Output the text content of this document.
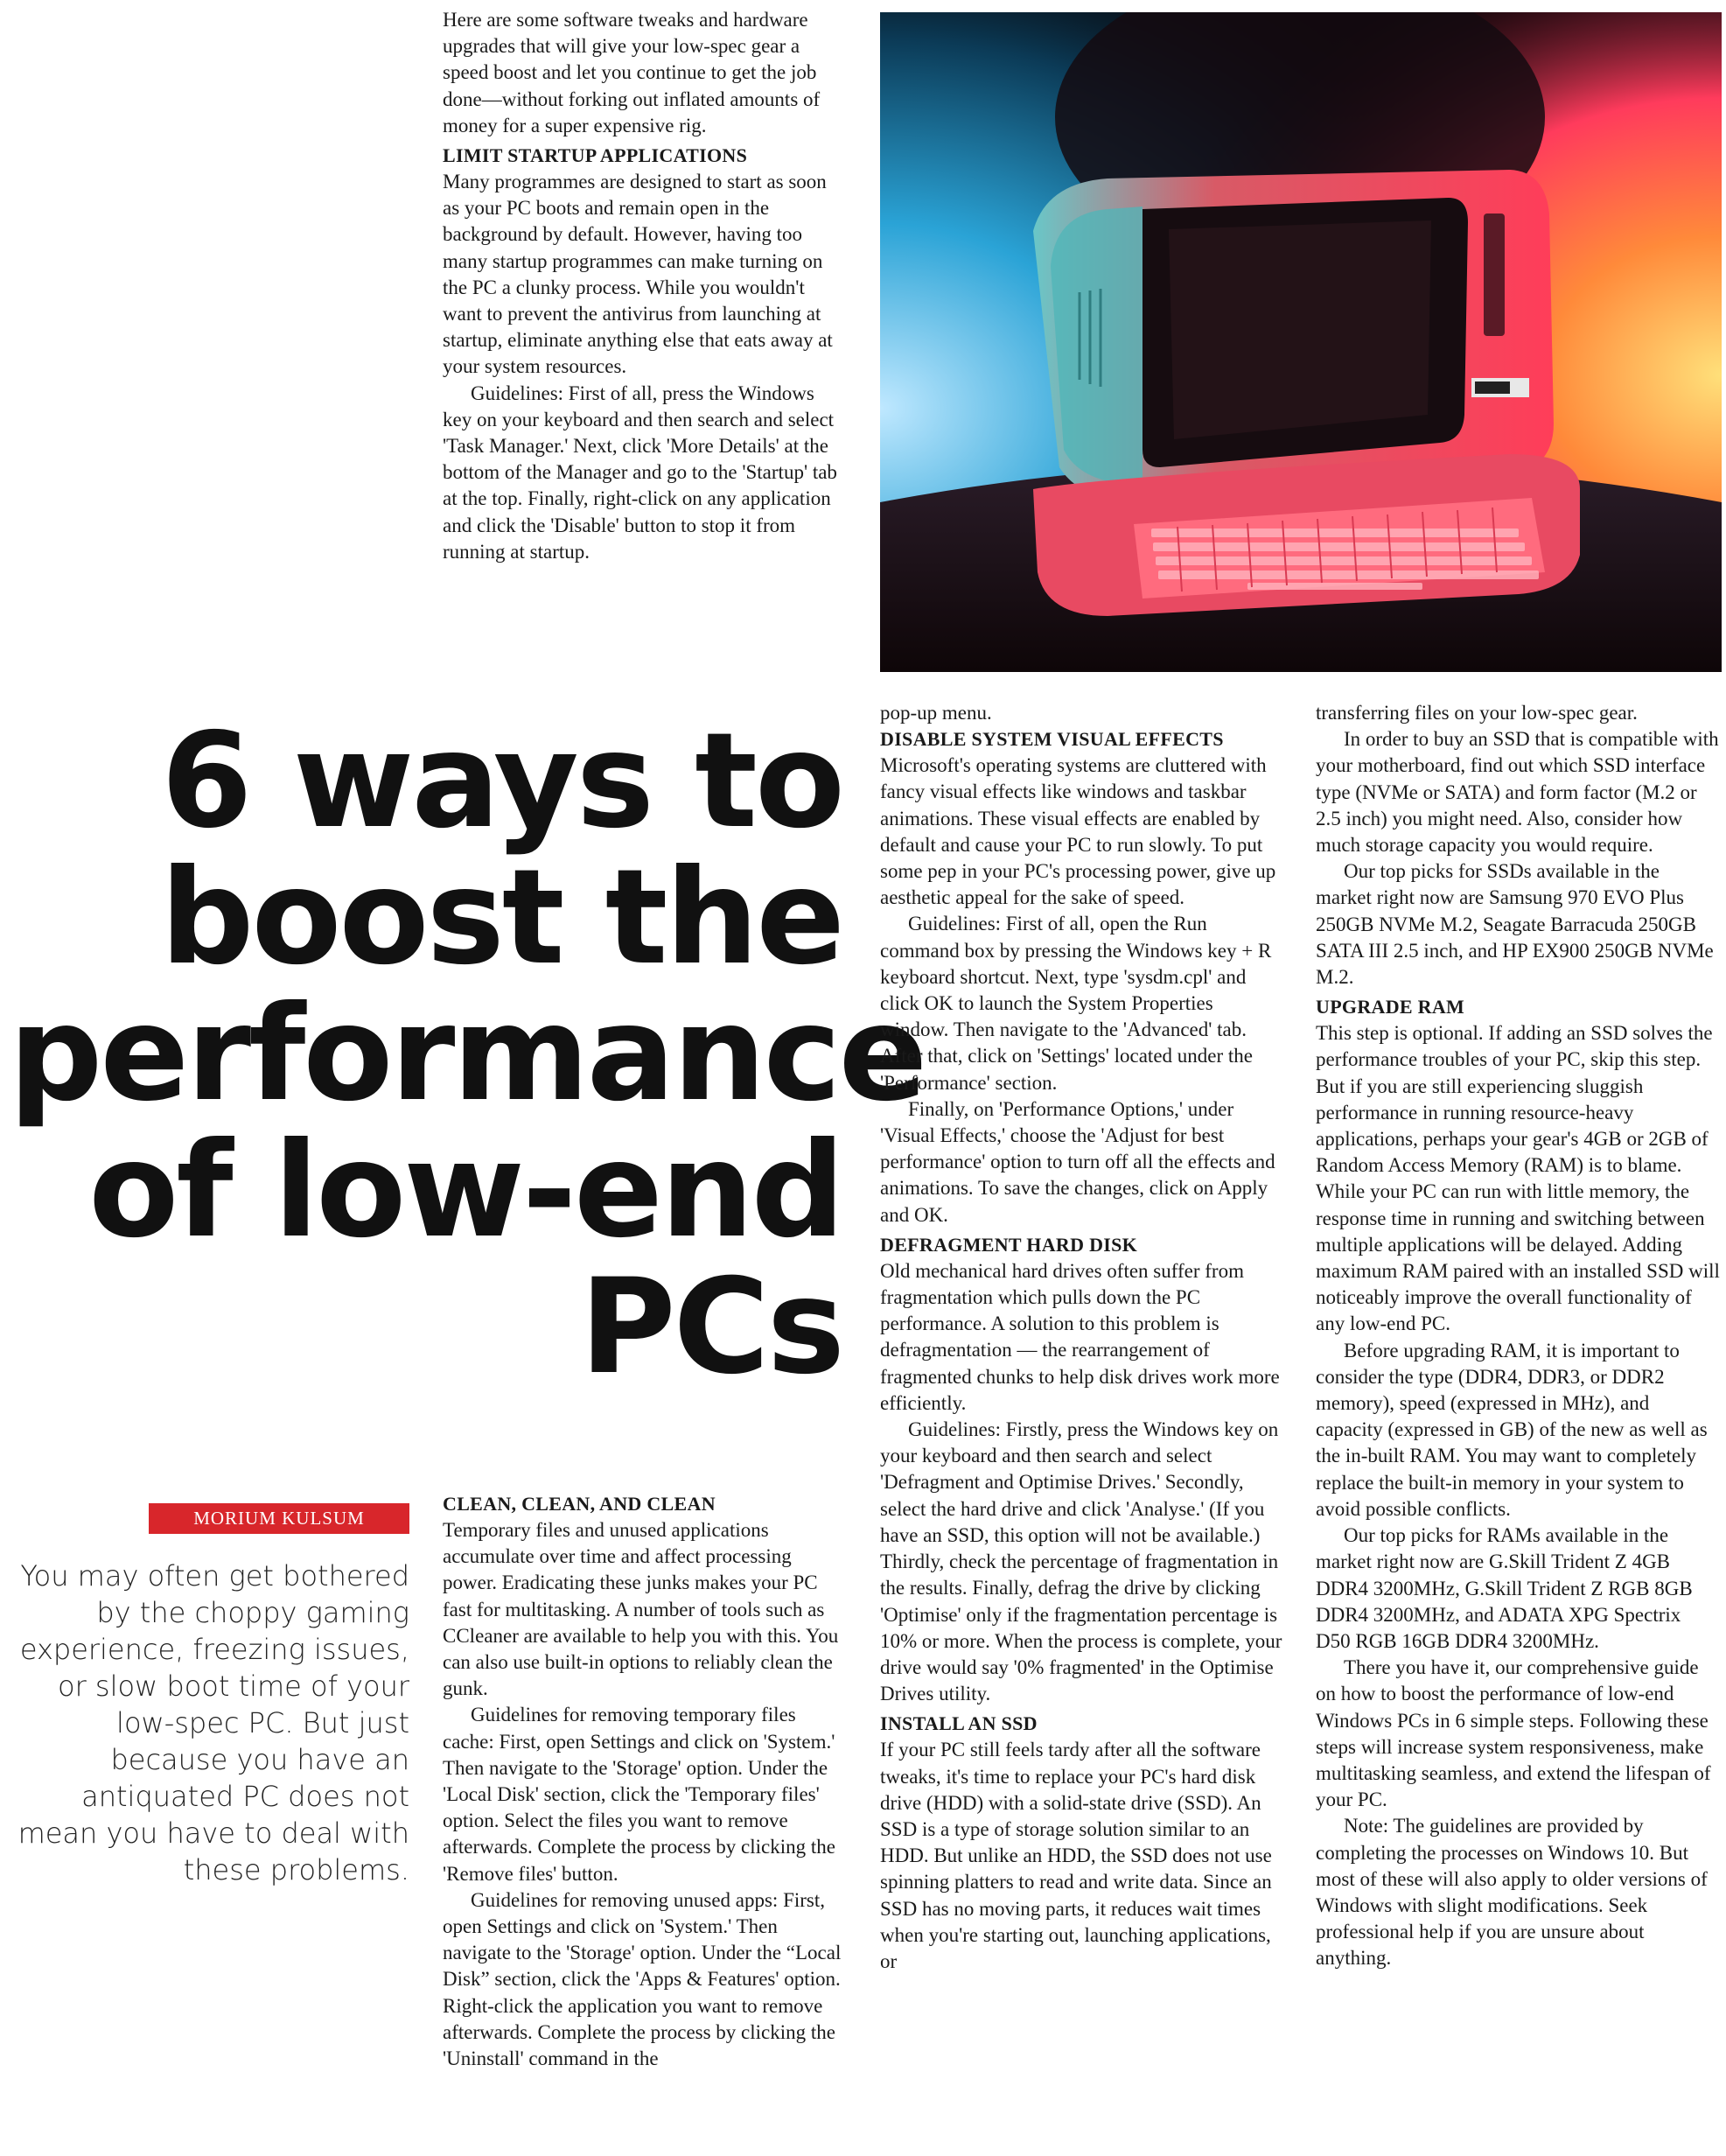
Here are some software tweaks and hardware upgrades that will give your low-spec gear a speed boost and let you continue to get the job done—without forking out inflated amounts of money for a super expensive rig.

LIMIT STARTUP APPLICATIONS

Many programmes are designed to start as soon as your PC boots and remain open in the background by default. However, having too many startup programmes can make turning on the PC a clunky process. While you wouldn't want to prevent the antivirus from launching at startup, eliminate anything else that eats away at your system resources.

Guidelines: First of all, press the Windows key on your keyboard and then search and select 'Task Manager.' Next, click 'More Details' at the bottom of the Manager and go to the 'Startup' tab at the top. Finally, right-click on any application and click the 'Disable' button to stop it from running at startup.

6 ways to boost the performance of low-end PCs
MORIUM KULSUM
You may often get bothered by the choppy gaming experience, freezing issues, or slow boot time of your low-spec PC. But just because you have an antiquated PC does not mean you have to deal with these problems.
CLEAN, CLEAN, AND CLEAN

Temporary files and unused applications accumulate over time and affect processing power. Eradicating these junks makes your PC fast for multitasking. A number of tools such as CCleaner are available to help you with this. You can also use built-in options to reliably clean the gunk.

Guidelines for removing temporary files cache: First, open Settings and click on 'System.' Then navigate to the 'Storage' option. Under the 'Local Disk' section, click the 'Temporary files' option. Select the files you want to remove afterwards. Complete the process by clicking the 'Remove files' button.

Guidelines for removing unused apps: First, open Settings and click on 'System.' Then navigate to the 'Storage' option. Under the “Local Disk” section, click the 'Apps & Features' option. Right-click the application you want to remove afterwards. Complete the process by clicking the 'Uninstall' command in the

pop-up menu.

DISABLE SYSTEM VISUAL EFFECTS

Microsoft's operating systems are cluttered with fancy visual effects like windows and taskbar animations. These visual effects are enabled by default and cause your PC to run slowly. To put some pep in your PC's processing power, give up aesthetic appeal for the sake of speed.

Guidelines: First of all, open the Run command box by pressing the Windows key + R keyboard shortcut. Next, type 'sysdm.cpl' and click OK to launch the System Properties window. Then navigate to the 'Advanced' tab. After that, click on 'Settings' located under the 'Performance' section.

Finally, on 'Performance Options,' under 'Visual Effects,' choose the 'Adjust for best performance' option to turn off all the effects and animations. To save the changes, click on Apply and OK.

DEFRAGMENT HARD DISK

Old mechanical hard drives often suffer from fragmentation which pulls down the PC performance. A solution to this problem is defragmentation — the rearrangement of fragmented chunks to help disk drives work more efficiently.

Guidelines: Firstly, press the Windows key on your keyboard and then search and select 'Defragment and Optimise Drives.' Secondly, select the hard drive and click 'Analyse.' (If you have an SSD, this option will not be available.) Thirdly, check the percentage of fragmentation in the results. Finally, defrag the drive by clicking 'Optimise' only if the fragmentation percentage is 10% or more. When the process is complete, your drive would say '0% fragmented' in the Optimise Drives utility.

INSTALL AN SSD

If your PC still feels tardy after all the software tweaks, it's time to replace your PC's hard disk drive (HDD) with a solid-state drive (SSD). An SSD is a type of storage solution similar to an HDD. But unlike an HDD, the SSD does not use spinning platters to read and write data. Since an SSD has no moving parts, it reduces wait times when you're starting out, launching applications, or

transferring files on your low-spec gear.

In order to buy an SSD that is compatible with your motherboard, find out which SSD interface type (NVMe or SATA) and form factor (M.2 or 2.5 inch) you might need. Also, consider how much storage capacity you would require.

Our top picks for SSDs available in the market right now are Samsung 970 EVO Plus 250GB NVMe M.2, Seagate Barracuda 250GB SATA III 2.5 inch, and HP EX900 250GB NVMe M.2.

UPGRADE RAM

This step is optional. If adding an SSD solves the performance troubles of your PC, skip this step. But if you are still experiencing sluggish performance in running resource-heavy applications, perhaps your gear's 4GB or 2GB of Random Access Memory (RAM) is to blame. While your PC can run with little memory, the response time in running and switching between multiple applications will be delayed. Adding maximum RAM paired with an installed SSD will noticeably improve the overall functionality of any low-end PC.

Before upgrading RAM, it is important to consider the type (DDR4, DDR3, or DDR2 memory), speed (expressed in MHz), and capacity (expressed in GB) of the new as well as the in-built RAM. You may want to completely replace the built-in memory in your system to avoid possible conflicts.

Our top picks for RAMs available in the market right now are G.Skill Trident Z 4GB DDR4 3200MHz, G.Skill Trident Z RGB 8GB DDR4 3200MHz, and ADATA XPG Spectrix D50 RGB 16GB DDR4 3200MHz.

There you have it, our comprehensive guide on how to boost the performance of low-end Windows PCs in 6 simple steps. Following these steps will increase system responsiveness, make multitasking seamless, and extend the lifespan of your PC.

Note: The guidelines are provided by completing the processes on Windows 10. But most of these will also apply to older versions of Windows with slight modifications. Seek professional help if you are unsure about anything.
